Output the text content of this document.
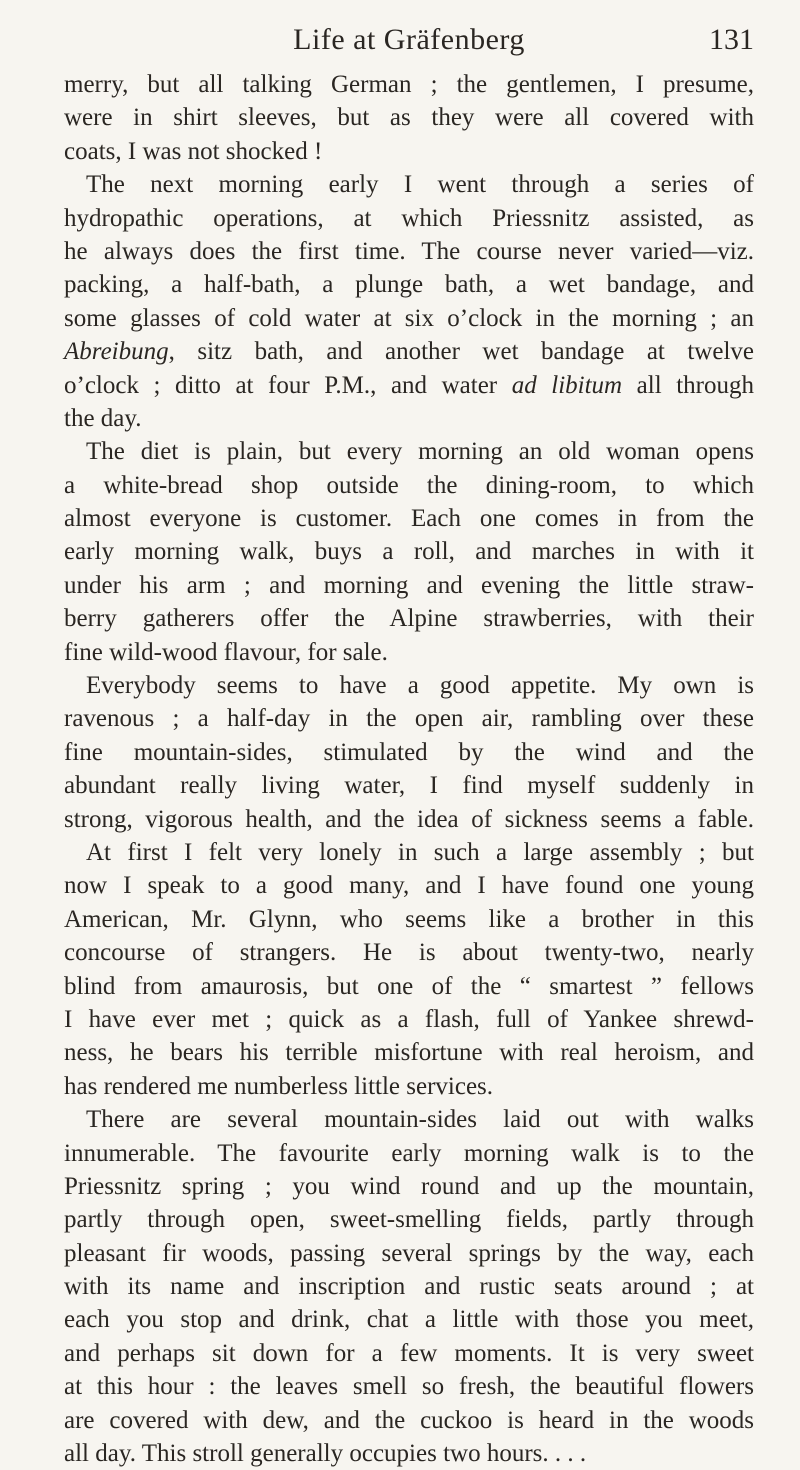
Life at Gräfenberg	131
merry, but all talking German ; the gentlemen, I presume,
were in shirt sleeves, but as they were all covered with
coats, I was not shocked !
The next morning early I went through a series of
hydropathic operations, at which Priessnitz assisted, as
he always does the first time. The course never varied—viz.
packing, a half-bath, a plunge bath, a wet bandage, and
some glasses of cold water at six o’clock in the morning ; an
Abreibung, sitz bath, and another wet bandage at twelve
o’clock ; ditto at four P.M., and water ad libitum all through
the day.
The diet is plain, but every morning an old woman opens
a white-bread shop outside the dining-room, to which
almost everyone is customer. Each one comes in from the
early morning walk, buys a roll, and marches in with it
under his arm ; and morning and evening the little straw-
berry gatherers offer the Alpine strawberries, with their
fine wild-wood flavour, for sale.
Everybody seems to have a good appetite. My own is
ravenous ; a half-day in the open air, rambling over these
fine mountain-sides, stimulated by the wind and the
abundant really living water, I find myself suddenly in
strong, vigorous health, and the idea of sickness seems a fable.
At first I felt very lonely in such a large assembly ; but
now I speak to a good many, and I have found one young
American, Mr. Glynn, who seems like a brother in this
concourse of strangers. He is about twenty-two, nearly
blind from amaurosis, but one of the “ smartest ” fellows
I have ever met ; quick as a flash, full of Yankee shrewd-
ness, he bears his terrible misfortune with real heroism, and
has rendered me numberless little services.
There are several mountain-sides laid out with walks
innumerable. The favourite early morning walk is to the
Priessnitz spring ; you wind round and up the mountain,
partly through open, sweet-smelling fields, partly through
pleasant fir woods, passing several springs by the way, each
with its name and inscription and rustic seats around ; at
each you stop and drink, chat a little with those you meet,
and perhaps sit down for a few moments. It is very sweet
at this hour : the leaves smell so fresh, the beautiful flowers
are covered with dew, and the cuckoo is heard in the woods
all day. This stroll generally occupies two hours. . . .
